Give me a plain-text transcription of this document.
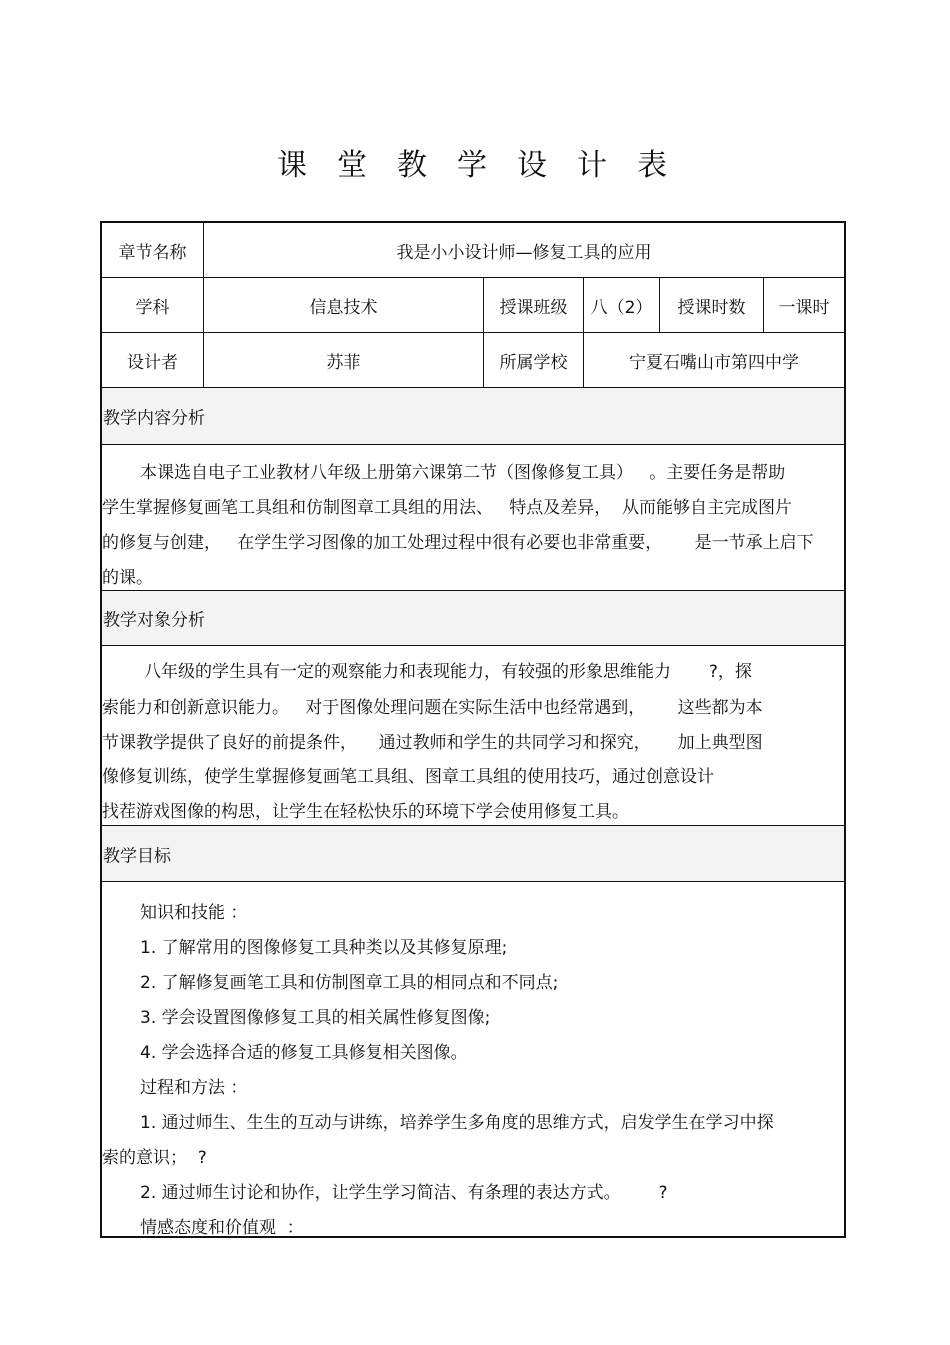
课堂教学设计表
章节名称	我是小小设计师—修复工具的应用
学科	信息技术	授课班级	八（2）	授课时数	一课时
设计者	苏菲	所属学校	宁夏石嘴山市第四中学
教学内容分析
本课选自电子工业教材八年级上册第六课第二节（图像修复工具）   。主要任务是帮助
学生掌握修复画笔工具组和仿制图章工具组的用法、   特点及差异，  从而能够自主完成图片
的修复与创建，   在学生学习图像的加工处理过程中很有必要也非常重要，      是一节承上启下
的课。
教学对象分析
八年级的学生具有一定的观察能力和表现能力，有较强的形象思维能力       ?，探
索能力和创新意识能力。   对于图像处理问题在实际生活中也经常遇到，      这些都为本
节课教学提供了良好的前提条件，    通过教师和学生的共同学习和探究，     加上典型图
像修复训练，使学生掌握修复画笔工具组、图章工具组的使用技巧，通过创意设计
找茬游戏图像的构思，让学生在轻松快乐的环境下学会使用修复工具。
教学目标
知识和技能 ：
1. 了解常用的图像修复工具种类以及其修复原理;
2. 了解修复画笔工具和仿制图章工具的相同点和不同点;
3. 学会设置图像修复工具的相关属性修复图像;
4. 学会选择合适的修复工具修复相关图像。
过程和方法 ：
1. 通过师生、生生的互动与讲练，培养学生多角度的思维方式，启发学生在学习中探
索的意识；  ?
2. 通过师生讨论和协作，让学生学习简洁、有条理的表达方式。       ?
情感态度和价值观  ：
